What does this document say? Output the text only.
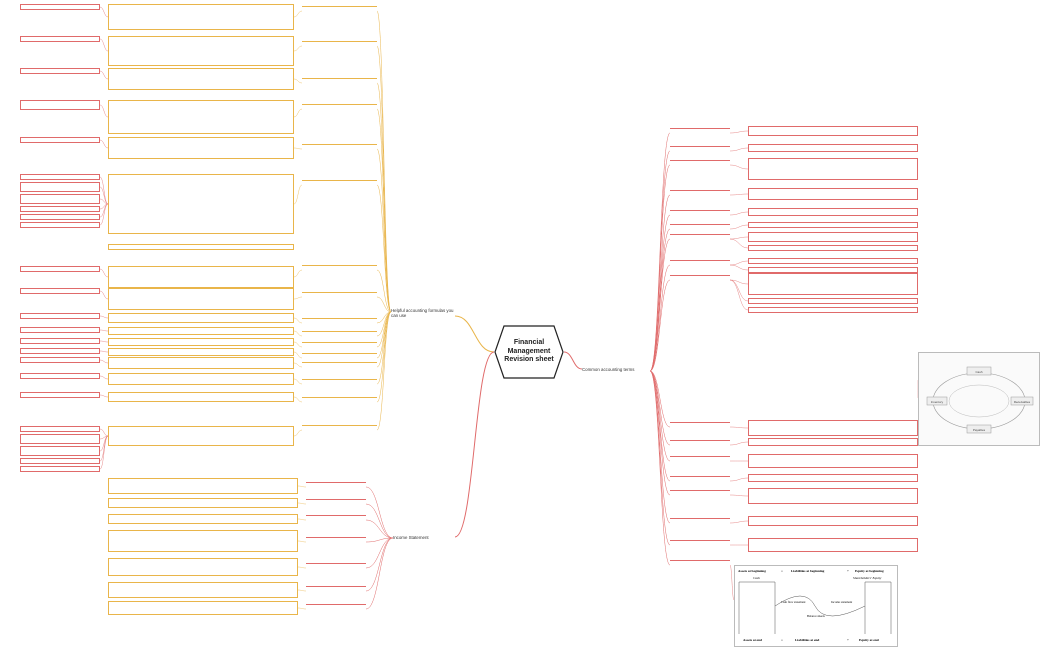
Financial
Management
Revision sheet
Helpful accounting formulas you
can use
Common accounting terms
Income Statement
Cash
Inventory	Receivables
Payables
Assets at beginning	= Liabilities at beginning	+ Equity at beginning
Cash	Shareholders' Equity
Cash flow statement	Income statement
Balance sheets
Assets at end	=	Liabilities at end	+	Equity at end
